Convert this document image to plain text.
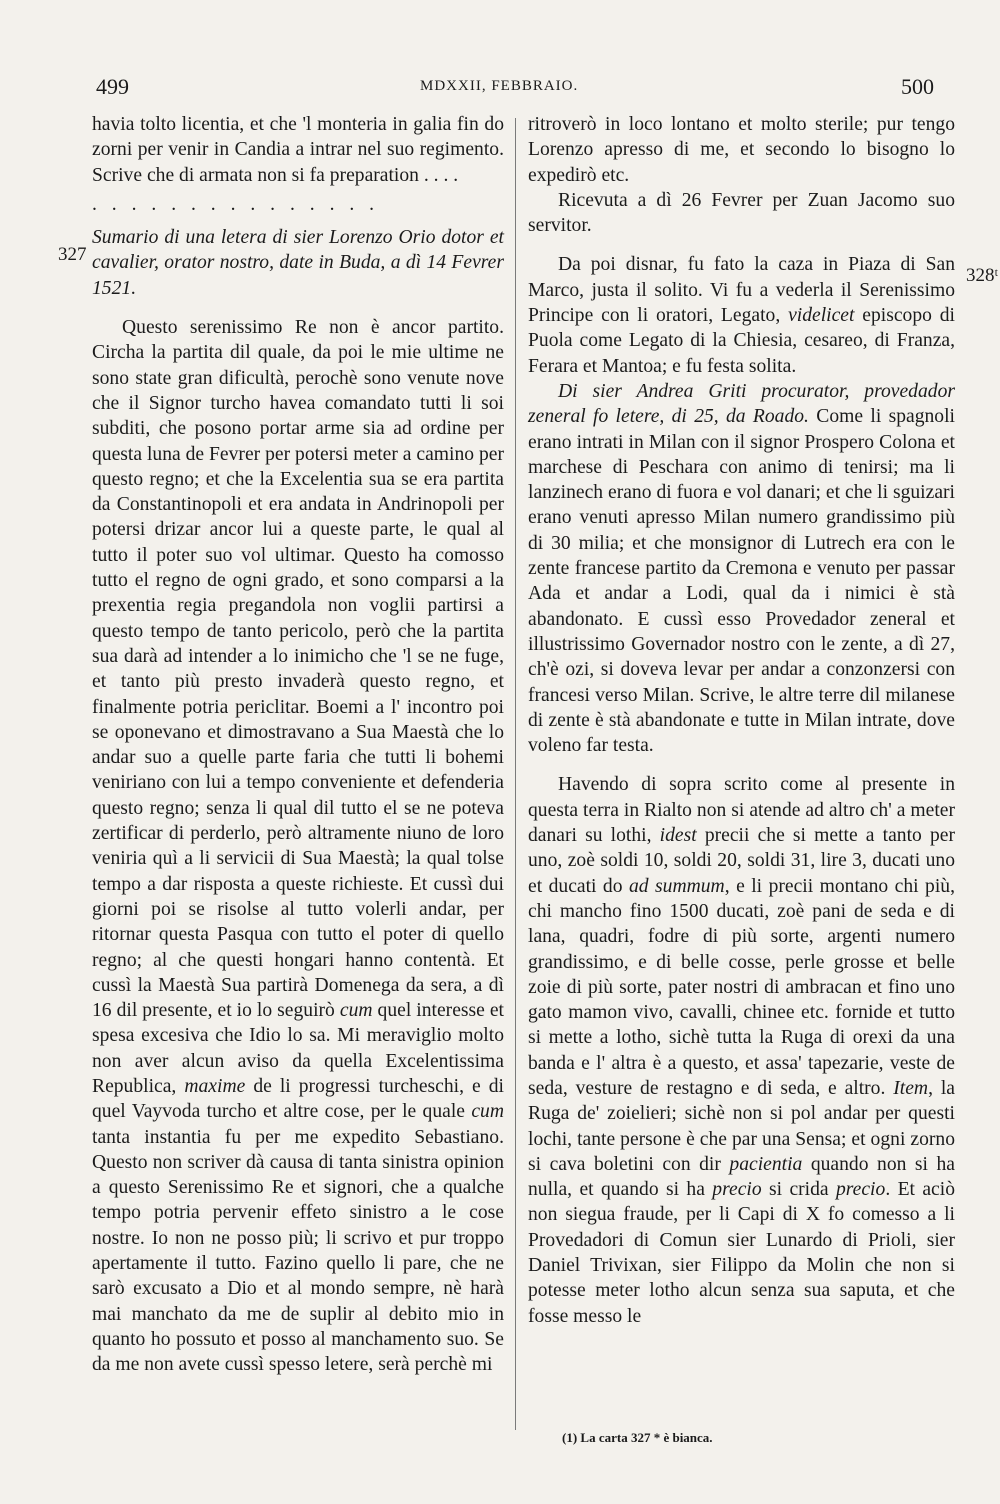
499	MDXXII, FEBBRAIO.	500
327
328ᵗ

havia tolto licentia, et che 'l monteria in galia fin do zorni per venir in Candia a intrar nel suo regimento. Scrive che di armata non si fa preparation . . . .

. . . . . . . . . . . . . . .

Sumario di una letera di sier Lorenzo Orio dotor et cavalier, orator nostro, date in Buda, a dì 14 Fevrer 1521.

Questo serenissimo Re non è ancor partito. Circha la partita dil quale, da poi le mie ultime ne sono state gran dificultà, perochè sono venute nove che il Signor turcho havea comandato tutti li soi subditi, che posono portar arme sia ad ordine per questa luna de Fevrer per potersi meter a camino per questo regno; et che la Excelentia sua se era partita da Constantinopoli et era andata in Andrinopoli per potersi drizar ancor lui a queste parte, le qual al tutto il poter suo vol ultimar. Questo ha comosso tutto el regno de ogni grado, et sono comparsi a la prexentia regia pregandola non voglii partirsi a questo tempo de tanto pericolo, però che la partita sua darà ad intender a lo inimicho che 'l se ne fuge, et tanto più presto invaderà questo regno, et finalmente potria periclitar. Boemi a l' incontro poi se oponevano et dimostravano a Sua Maestà che lo andar suo a quelle parte faria che tutti li bohemi veniriano con lui a tempo conveniente et defenderia questo regno; senza li qual dil tutto el se ne poteva zertificar di perderlo, però altramente niuno de loro veniria quì a li servicii di Sua Maestà; la qual tolse tempo a dar risposta a queste richieste. Et cussì dui giorni poi se risolse al tutto volerli andar, per ritornar questa Pasqua con tutto el poter di quello regno; al che questi hongari hanno contentà. Et cussì la Maestà Sua partirà Domenega da sera, a dì 16 dil presente, et io lo seguirò cum quel interesse et spesa excesiva che Idio lo sa. Mi meraviglio molto non aver alcun aviso da quella Excelentissima Republica, maxime de li progressi turcheschi, e di quel Vayvoda turcho et altre cose, per le quale cum tanta instantia fu per me expedito Sebastiano. Questo non scriver dà causa di tanta sinistra opinion a questo Serenissimo Re et signori, che a qualche tempo potria pervenir effeto sinistro a le cose nostre. Io non ne posso più; li scrivo et pur troppo apertamente il tutto. Fazino quello li pare, che ne sarò excusato a Dio et al mondo sempre, nè harà mai manchato da me de suplir al debito mio in quanto ho possuto et posso al manchamento suo. Se da me non avete cussì spesso letere, serà perchè mi

ritroverò in loco lontano et molto sterile; pur tengo Lorenzo apresso di me, et secondo lo bisogno lo expedirò etc.

Ricevuta a dì 26 Fevrer per Zuan Jacomo suo servitor.

Da poi disnar, fu fato la caza in Piaza di San Marco, justa il solito. Vi fu a vederla il Serenissimo Principe con li oratori, Legato, videlicet episcopo di Puola come Legato di la Chiesia, cesareo, di Franza, Ferara et Mantoa; e fu festa solita.

Di sier Andrea Griti procurator, provedador zeneral fo letere, di 25, da Roado. Come li spagnoli erano intrati in Milan con il signor Prospero Colona et marchese di Peschara con animo di tenirsi; ma li lanzinech erano di fuora e vol danari; et che li sguizari erano venuti apresso Milan numero grandissimo più di 30 milia; et che monsignor di Lutrech era con le zente francese partito da Cremona e venuto per passar Ada et andar a Lodi, qual da i nimici è stà abandonato. E cussì esso Provedador zeneral et illustrissimo Governador nostro con le zente, a dì 27, ch'è ozi, si doveva levar per andar a conzonzersi con francesi verso Milan. Scrive, le altre terre dil milanese di zente è stà abandonate e tutte in Milan intrate, dove voleno far testa.

Havendo di sopra scrito come al presente in questa terra in Rialto non si atende ad altro ch' a meter danari su lothi, idest precii che si mette a tanto per uno, zoè soldi 10, soldi 20, soldi 31, lire 3, ducati uno et ducati do ad summum, e li precii montano chi più, chi mancho fino 1500 ducati, zoè pani de seda e di lana, quadri, fodre di più sorte, argenti numero grandissimo, e di belle cosse, perle grosse et belle zoie di più sorte, pater nostri di ambracan et fino uno gato mamon vivo, cavalli, chinee etc. fornide et tutto si mette a lotho, sichè tutta la Ruga di orexi da una banda e l' altra è a questo, et assa' tapezarie, veste de seda, vesture de restagno e di seda, e altro. Item, la Ruga de' zoielieri; sichè non si pol andar per questi lochi, tante persone è che par una Sensa; et ogni zorno si cava boletini con dir pacientia quando non si ha nulla, et quando si ha precio si crida precio. Et aciò non siegua fraude, per li Capi di X fo comesso a li Provedadori di Comun sier Lunardo di Prioli, sier Daniel Trivixan, sier Filippo da Molin che non si potesse meter lotho alcun senza sua saputa, et che fosse messo le

(1) La carta 327 * è bianca.
